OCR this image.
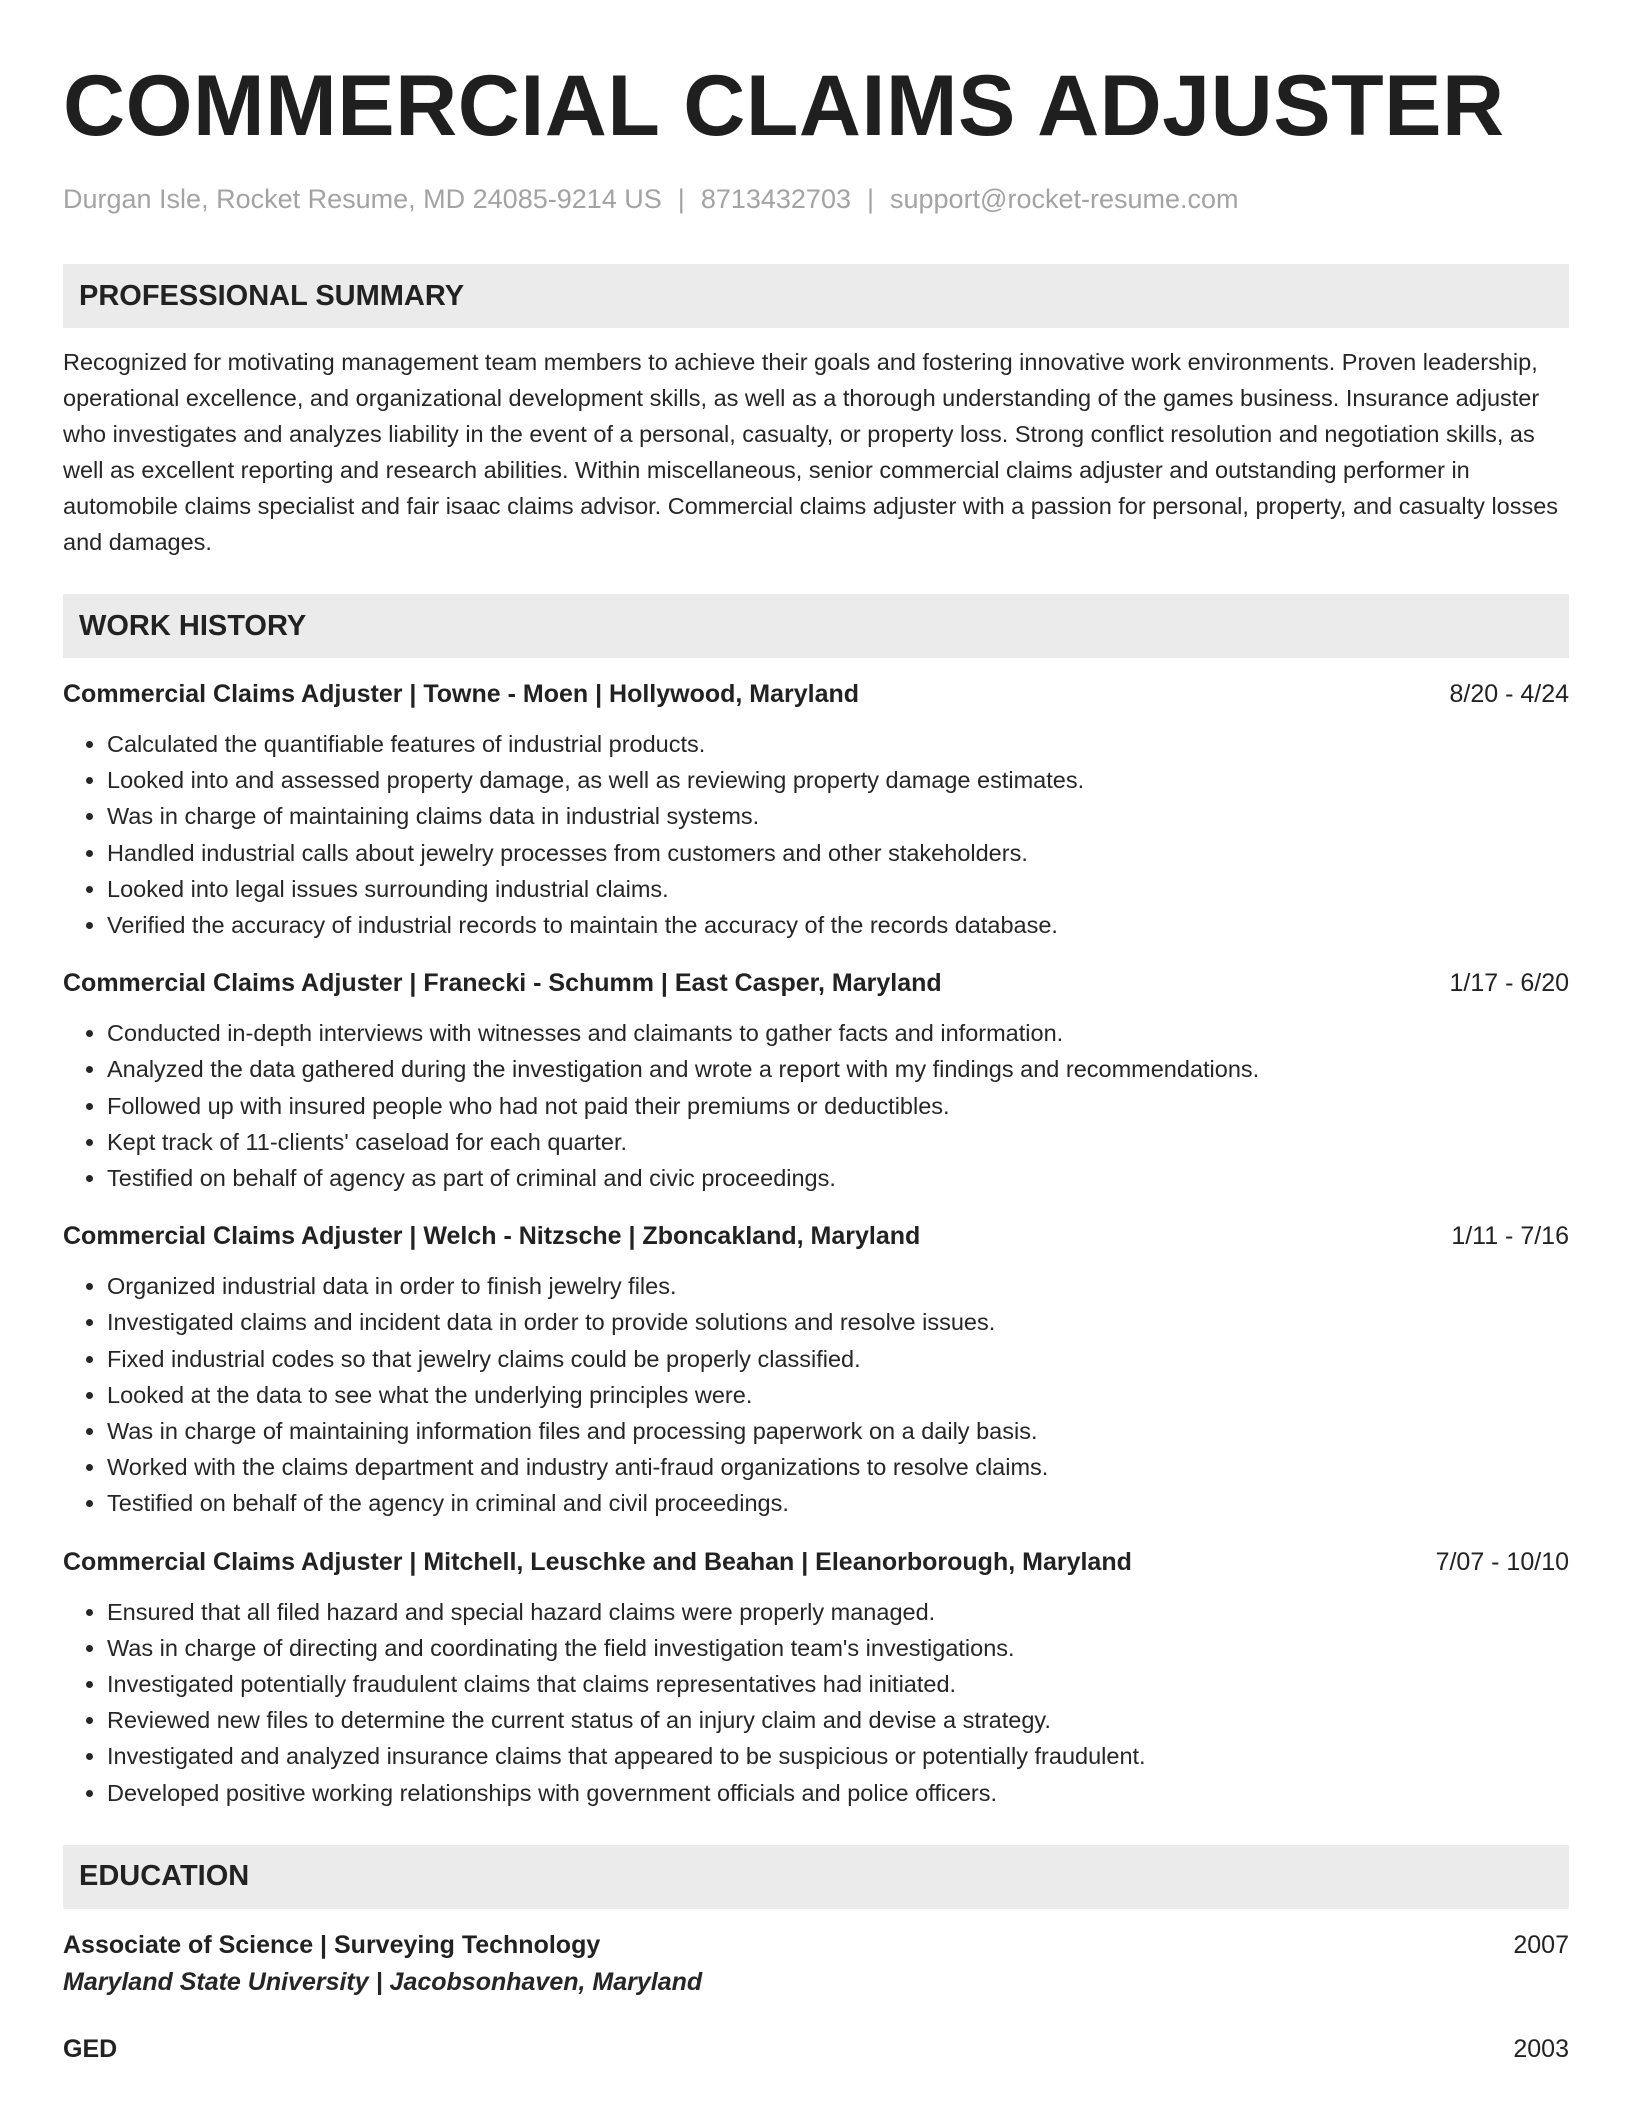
COMMERCIAL CLAIMS ADJUSTER
Durgan Isle, Rocket Resume, MD 24085-9214 US | 8713432703 | support@rocket-resume.com
PROFESSIONAL SUMMARY
Recognized for motivating management team members to achieve their goals and fostering innovative work environments. Proven leadership, operational excellence, and organizational development skills, as well as a thorough understanding of the games business. Insurance adjuster who investigates and analyzes liability in the event of a personal, casualty, or property loss. Strong conflict resolution and negotiation skills, as well as excellent reporting and research abilities. Within miscellaneous, senior commercial claims adjuster and outstanding performer in automobile claims specialist and fair isaac claims advisor. Commercial claims adjuster with a passion for personal, property, and casualty losses and damages.
WORK HISTORY
Commercial Claims Adjuster | Towne - Moen | Hollywood, Maryland	8/20 - 4/24
• Calculated the quantifiable features of industrial products.
• Looked into and assessed property damage, as well as reviewing property damage estimates.
• Was in charge of maintaining claims data in industrial systems.
• Handled industrial calls about jewelry processes from customers and other stakeholders.
• Looked into legal issues surrounding industrial claims.
• Verified the accuracy of industrial records to maintain the accuracy of the records database.
Commercial Claims Adjuster | Franecki - Schumm | East Casper, Maryland	1/17 - 6/20
• Conducted in-depth interviews with witnesses and claimants to gather facts and information.
• Analyzed the data gathered during the investigation and wrote a report with my findings and recommendations.
• Followed up with insured people who had not paid their premiums or deductibles.
• Kept track of 11-clients' caseload for each quarter.
• Testified on behalf of agency as part of criminal and civic proceedings.
Commercial Claims Adjuster | Welch - Nitzsche | Zboncakland, Maryland	1/11 - 7/16
• Organized industrial data in order to finish jewelry files.
• Investigated claims and incident data in order to provide solutions and resolve issues.
• Fixed industrial codes so that jewelry claims could be properly classified.
• Looked at the data to see what the underlying principles were.
• Was in charge of maintaining information files and processing paperwork on a daily basis.
• Worked with the claims department and industry anti-fraud organizations to resolve claims.
• Testified on behalf of the agency in criminal and civil proceedings.
Commercial Claims Adjuster | Mitchell, Leuschke and Beahan | Eleanorborough, Maryland	7/07 - 10/10
• Ensured that all filed hazard and special hazard claims were properly managed.
• Was in charge of directing and coordinating the field investigation team's investigations.
• Investigated potentially fraudulent claims that claims representatives had initiated.
• Reviewed new files to determine the current status of an injury claim and devise a strategy.
• Investigated and analyzed insurance claims that appeared to be suspicious or potentially fraudulent.
• Developed positive working relationships with government officials and police officers.
EDUCATION
Associate of Science | Surveying Technology	2007
Maryland State University | Jacobsonhaven, Maryland
GED	2003
